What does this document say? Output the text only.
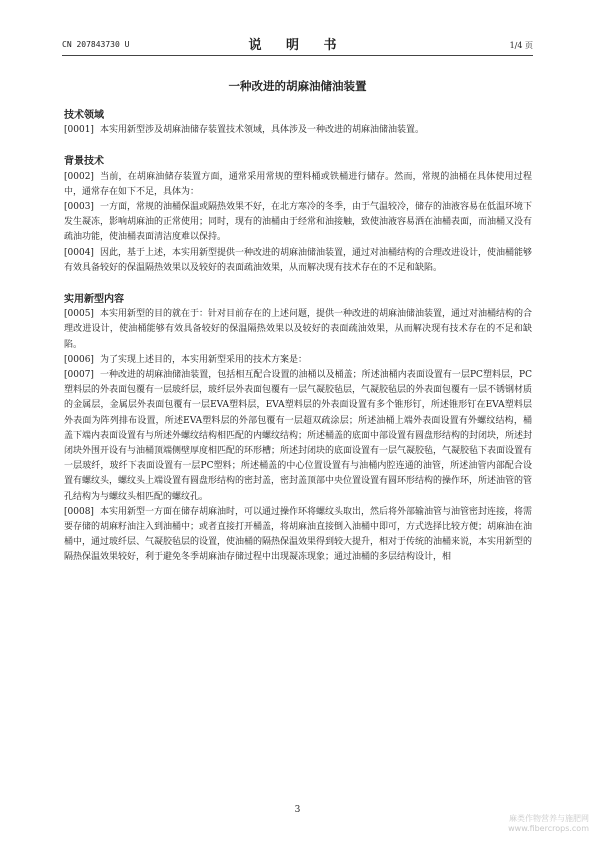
CN 207843730 U	说 明 书	1/4 页
一种改进的胡麻油储油装置
技术领域

[0001] 本实用新型涉及胡麻油储存装置技术领域，具体涉及一种改进的胡麻油储油装置。

背景技术

[0002] 当前，在胡麻油储存装置方面，通常采用常规的塑料桶或铁桶进行储存。然而，常规的油桶在具体使用过程中，通常存在如下不足，具体为：

[0003] 一方面，常规的油桶保温或隔热效果不好，在北方寒冷的冬季，由于气温较冷，储存的油液容易在低温环境下发生凝冻，影响胡麻油的正常使用；同时，现有的油桶由于经常和油接触，致使油液容易洒在油桶表面，而油桶又没有疏油功能，使油桶表面清洁度难以保持。

[0004] 因此，基于上述，本实用新型提供一种改进的胡麻油储油装置，通过对油桶结构的合理改进设计，使油桶能够有效具备较好的保温隔热效果以及较好的表面疏油效果，从而解决现有技术存在的不足和缺陷。

实用新型内容

[0005] 本实用新型的目的就在于：针对目前存在的上述问题，提供一种改进的胡麻油储油装置，通过对油桶结构的合理改进设计，使油桶能够有效具备较好的保温隔热效果以及较好的表面疏油效果，从而解决现有技术存在的不足和缺陷。

[0006] 为了实现上述目的，本实用新型采用的技术方案是：

[0007] 一种改进的胡麻油储油装置，包括相互配合设置的油桶以及桶盖；所述油桶内表面设置有一层PC塑料层，PC塑料层的外表面包覆有一层玻纤层，玻纤层外表面包覆有一层气凝胶毡层，气凝胶毡层的外表面包覆有一层不锈钢材质的金属层，金属层外表面包覆有一层EVA塑料层，EVA塑料层的外表面设置有多个锥形钉，所述锥形钉在EVA塑料层外表面为阵列排布设置，所述EVA塑料层的外部包覆有一层超双疏涂层；所述油桶上端外表面设置有外螺纹结构，桶盖下端内表面设置有与所述外螺纹结构相匹配的内螺纹结构；所述桶盖的底面中部设置有圆盘形结构的封闭块，所述封闭块外围开设有与油桶顶端侧壁厚度相匹配的环形槽；所述封闭块的底面设置有一层气凝胶毡，气凝胶毡下表面设置有一层玻纤，玻纤下表面设置有一层PC塑料；所述桶盖的中心位置设置有与油桶内腔连通的油管，所述油管内部配合设置有螺纹头，螺纹头上端设置有圆盘形结构的密封盖，密封盖顶部中央位置设置有圆环形结构的操作环，所述油管的管孔结构为与螺纹头相匹配的螺纹孔。

[0008] 本实用新型一方面在储存胡麻油时，可以通过操作环将螺纹头取出，然后将外部输油管与油管密封连接，将需要存储的胡麻籽油注入到油桶中；或者直接打开桶盖，将胡麻油直接倒入油桶中即可，方式选择比较方便；胡麻油在油桶中，通过玻纤层、气凝胶毡层的设置，使油桶的隔热保温效果得到较大提升，相对于传统的油桶来说，本实用新型的隔热保温效果较好，利于避免冬季胡麻油存储过程中出现凝冻现象；通过油桶的多层结构设计，相

3
麻类作物营养与施肥网
www.fibercrops.com
